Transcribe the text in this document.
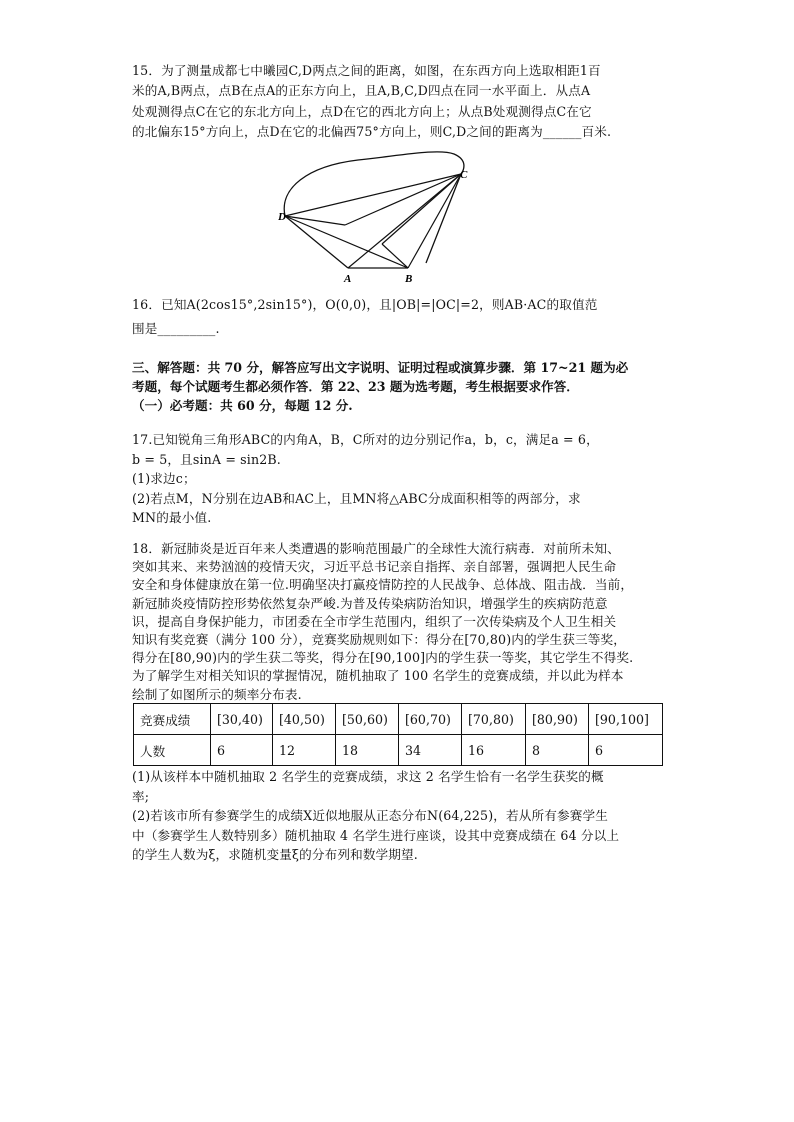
15．为了测量成都七中曦园C,D两点之间的距离，如图，在东西方向上选取相距1百
米的A,B两点，点B在点A的正东方向上，且A,B,C,D四点在同一水平面上．从点A
处观测得点C在它的东北方向上，点D在它的西北方向上；从点B处观测得点C在它
的北偏东15°方向上，点D在它的北偏西75°方向上，则C,D之间的距离为______百米.
C
D
A	B
16．已知A(2cos15°,2sin15°)，O(0,0)，且|OB|=|OC|=2，则AB·AC的取值范
围是_________.
三、解答题：共 70 分，解答应写出文字说明、证明过程或演算步骤．第 17~21 题为必
考题，每个试题考生都必须作答．第 22、23 题为选考题，考生根据要求作答．
（一）必考题：共 60 分，每题 12 分.
17.已知锐角三角形ABC的内角A，B，C所对的边分别记作a，b，c，满足a = 6，
b = 5，且sinA = sin2B.
(1)求边c；
(2)若点M，N分别在边AB和AC上，且MN将△ABC分成面积相等的两部分，求
MN的最小值.
18．新冠肺炎是近百年来人类遭遇的影响范围最广的全球性大流行病毒．对前所未知、
突如其来、来势汹汹的疫情天灾，习近平总书记亲自指挥、亲自部署，强调把人民生命
安全和身体健康放在第一位.明确坚决打赢疫情防控的人民战争、总体战、阻击战．当前，
新冠肺炎疫情防控形势依然复杂严峻.为普及传染病防治知识，增强学生的疾病防范意
识，提高自身保护能力，市团委在全市学生范围内，组织了一次传染病及个人卫生相关
知识有奖竞赛（满分 100 分），竞赛奖励规则如下：得分在[70,80)内的学生获三等奖，
得分在[80,90)内的学生获二等奖，得分在[90,100]内的学生获一等奖，其它学生不得奖.
为了解学生对相关知识的掌握情况，随机抽取了 100 名学生的竞赛成绩，并以此为样本
绘制了如图所示的频率分布表.
竞赛成绩	[30,40)	[40,50)	[50,60)	[60,70)	[70,80)	[80,90)	[90,100]
人数	6	12	18	34	16	8	6
(1)从该样本中随机抽取 2 名学生的竞赛成绩，求这 2 名学生恰有一名学生获奖的概
率;
(2)若该市所有参赛学生的成绩X近似地服从正态分布N(64,225)，若从所有参赛学生
中（参赛学生人数特别多）随机抽取 4 名学生进行座谈，设其中竞赛成绩在 64 分以上
的学生人数为ξ，求随机变量ξ的分布列和数学期望.
